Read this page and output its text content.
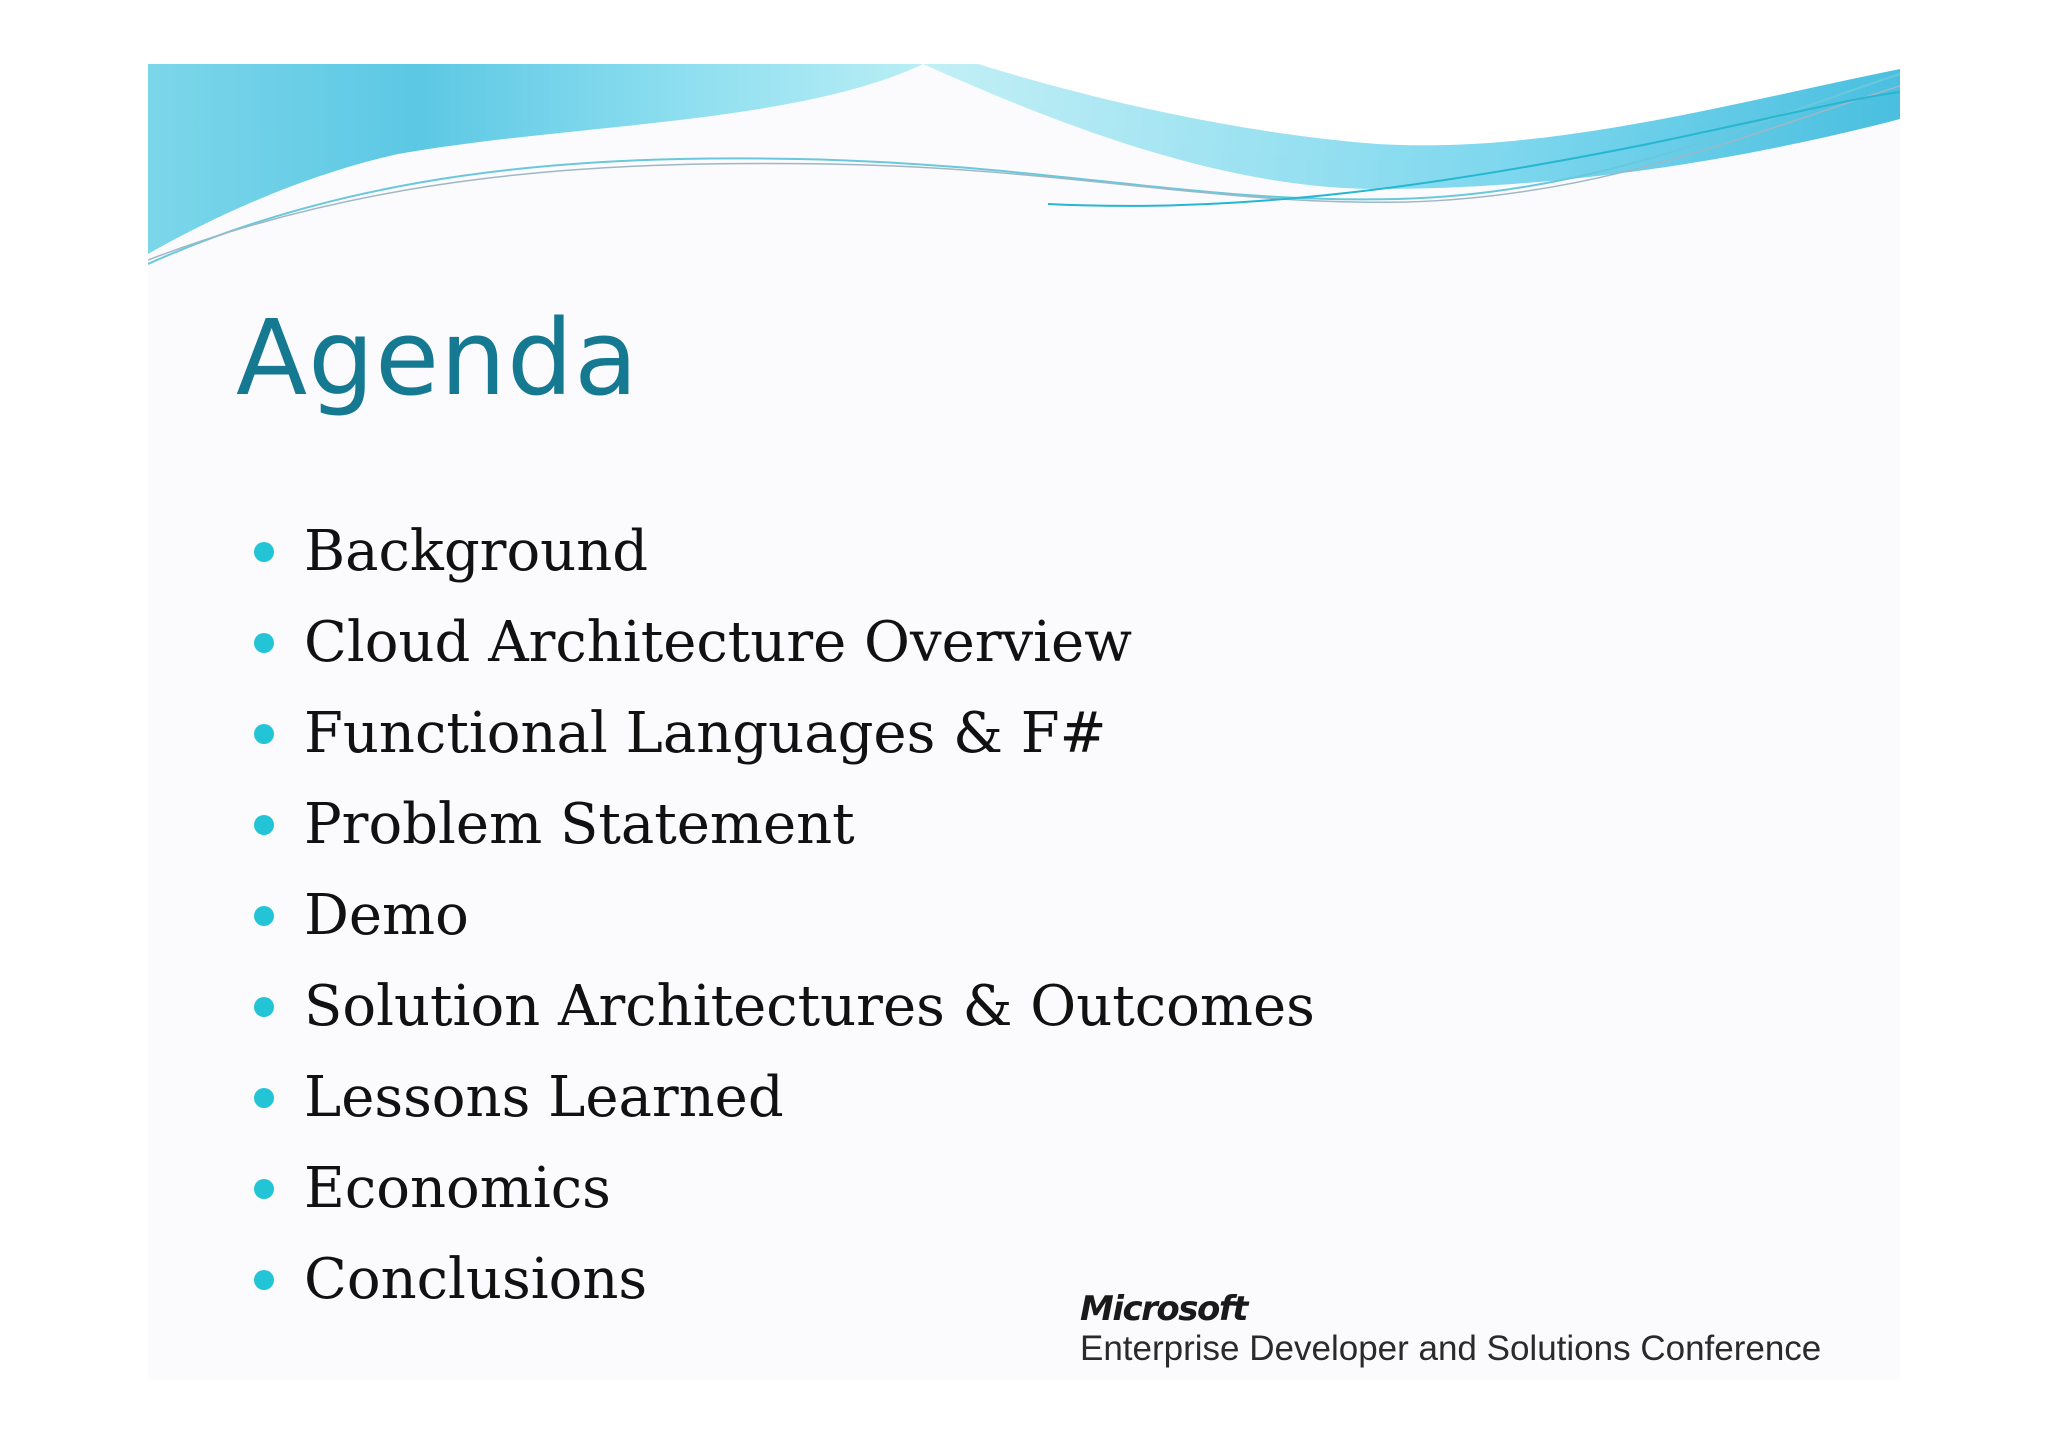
Agenda
Background
Cloud Architecture Overview
Functional Languages & F#
Problem Statement
Demo
Solution Architectures & Outcomes
Lessons Learned
Economics
Conclusions	Microsoft
Enterprise Developer and Solutions Conference
